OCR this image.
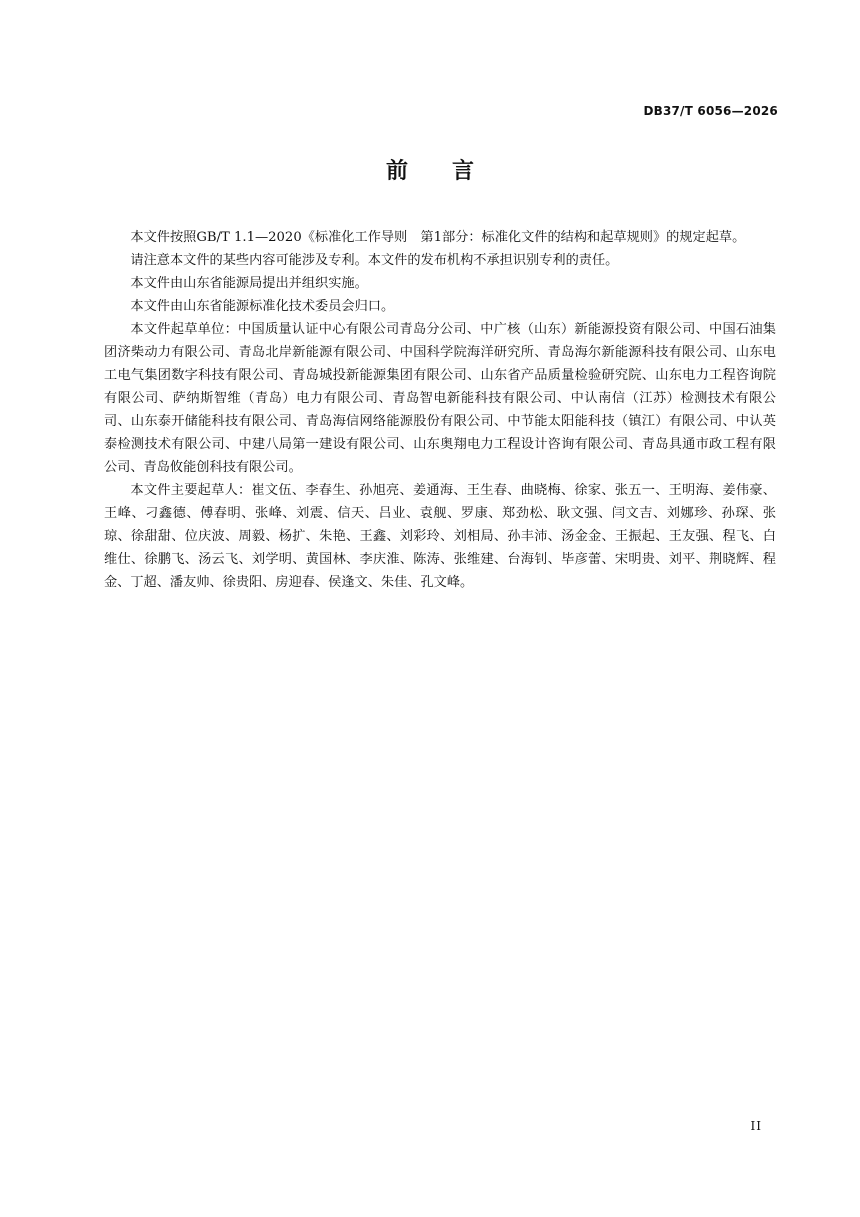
DB37/T 6056—2026
前 言

本文件按照GB/T 1.1—2020《标准化工作导则　第1部分：标准化文件的结构和起草规则》的规定起草。

请注意本文件的某些内容可能涉及专利。本文件的发布机构不承担识别专利的责任。

本文件由山东省能源局提出并组织实施。

本文件由山东省能源标准化技术委员会归口。

本文件起草单位：中国质量认证中心有限公司青岛分公司、中广核（山东）新能源投资有限公司、中国石油集团济柴动力有限公司、青岛北岸新能源有限公司、中国科学院海洋研究所、青岛海尔新能源科技有限公司、山东电工电气集团数字科技有限公司、青岛城投新能源集团有限公司、山东省产品质量检验研究院、山东电力工程咨询院有限公司、萨纳斯智维（青岛）电力有限公司、青岛智电新能科技有限公司、中认南信（江苏）检测技术有限公司、山东泰开储能科技有限公司、青岛海信网络能源股份有限公司、中节能太阳能科技（镇江）有限公司、中认英泰检测技术有限公司、中建八局第一建设有限公司、山东奥翔电力工程设计咨询有限公司、青岛具通市政工程有限公司、青岛攸能创科技有限公司。

本文件主要起草人：崔文伍、李春生、孙旭亮、姜通海、王生春、曲晓梅、徐家、张五一、王明海、姜伟豪、王峰、刁鑫德、傅春明、张峰、刘震、信天、吕业、袁舰、罗康、郑劲松、耿文强、闫文吉、刘娜珍、孙琛、张琼、徐甜甜、位庆波、周毅、杨扩、朱艳、王鑫、刘彩玲、刘相局、孙丰沛、汤金金、王振起、王友强、程飞、白维仕、徐鹏飞、汤云飞、刘学明、黄国林、李庆淮、陈涛、张维建、台海钊、毕彦蕾、宋明贵、刘平、荆晓辉、程金、丁超、潘友帅、徐贵阳、房迎春、侯逢文、朱佳、孔文峰。

II
